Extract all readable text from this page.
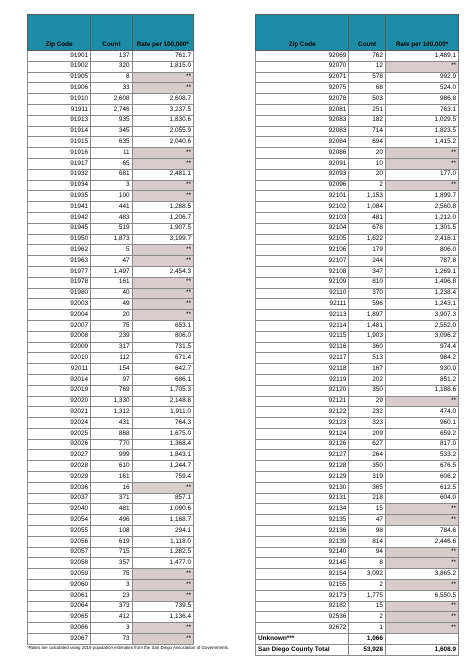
Zip Code	Count	Rate per 100,000*
91901	137	761.7
91902	320	1,815.0
91905	8	**
91906	33	**
91910	2,608	2,608.7
91911	2,746	3,237.5
91913	935	1,830.6
91914	345	2,055.9
91915	635	2,040.6
91916	11	**
91917	65	**
91932	681	2,481.1
91934	3	**
91935	100	**
91941	441	1,288.5
91942	483	1,206.7
91945	519	1,907.5
91950	1,873	3,199.7
91962	5	**
91963	47	**
91977	1,497	2,454.3
91978	161	**
91980	40	**
92003	49	**
92004	20	**
92007	75	653.1
92008	239	806.0
92009	317	731.5
92010	112	671.4
92011	154	642.7
92014	97	686.1
92019	769	1,705.3
92020	1,330	2,148.8
92021	1,312	1,911.0
92024	431	764.3
92025	868	1,675.0
92026	770	1,368.4
92027	999	1,843.1
92028	610	1,244.7
92029	161	759.4
92036	16	**
92037	371	857.1
92040	481	1,090.6
92054	496	1,168.7
92055	108	294.1
92056	619	1,118.0
92057	715	1,282.5
92058	357	1,477.0
92059	75	**
92060	3	**
92061	23	**
92064	373	739.5
92065	412	1,136.4
92066	3	**
92067	73	**
Zip Code	Count	Rate per 100,000*
92069	762	1,489.1
92070	12	**
92071	578	992.9
92075	68	524.0
92078	503	986.8
92081	251	763.1
92083	182	1,029.5
92083	714	1,823.5
92084	694	1,415.2
92086	20	**
92091	10	**
92093	20	177.0
92096	2	**
92101	1,153	1,899.7
92102	1,084	2,560.8
92103	481	1,212.0
92104	678	1,301.5
92105	1,622	2,418.1
92106	179	806.0
92107	244	787.8
92108	347	1,269.1
92109	810	1,496.8
92110	370	1,238.4
92111	596	1,243.1
92113	1,897	3,907.3
92114	1,481	2,552.0
92115	1,903	3,096.2
92116	360	974.4
92117	513	984.2
92118	167	930.0
92119	202	851.2
92120	350	1,188.6
92121	29	**
92122	232	474.0
92123	323	960.1
92124	209	659.2
92126	627	817.0
92127	264	533.2
92128	350	676.5
92129	319	606.2
92130	365	612.5
92131	218	604.0
92134	15	**
92135	47	**
92136	98	784.6
92139	814	2,446.6
92140	94	**
92145	8	**
92154	3,092	3,865.2
92155	2	**
92173	1,775	6,550.5
92182	15	**
92536	2	**
92672	1	**
Unknown***	1,066	
San Diego County Total	53,928	1,608.9
*Rates are calculated using 2019 population estimates from the San Diego Association of Governments.
